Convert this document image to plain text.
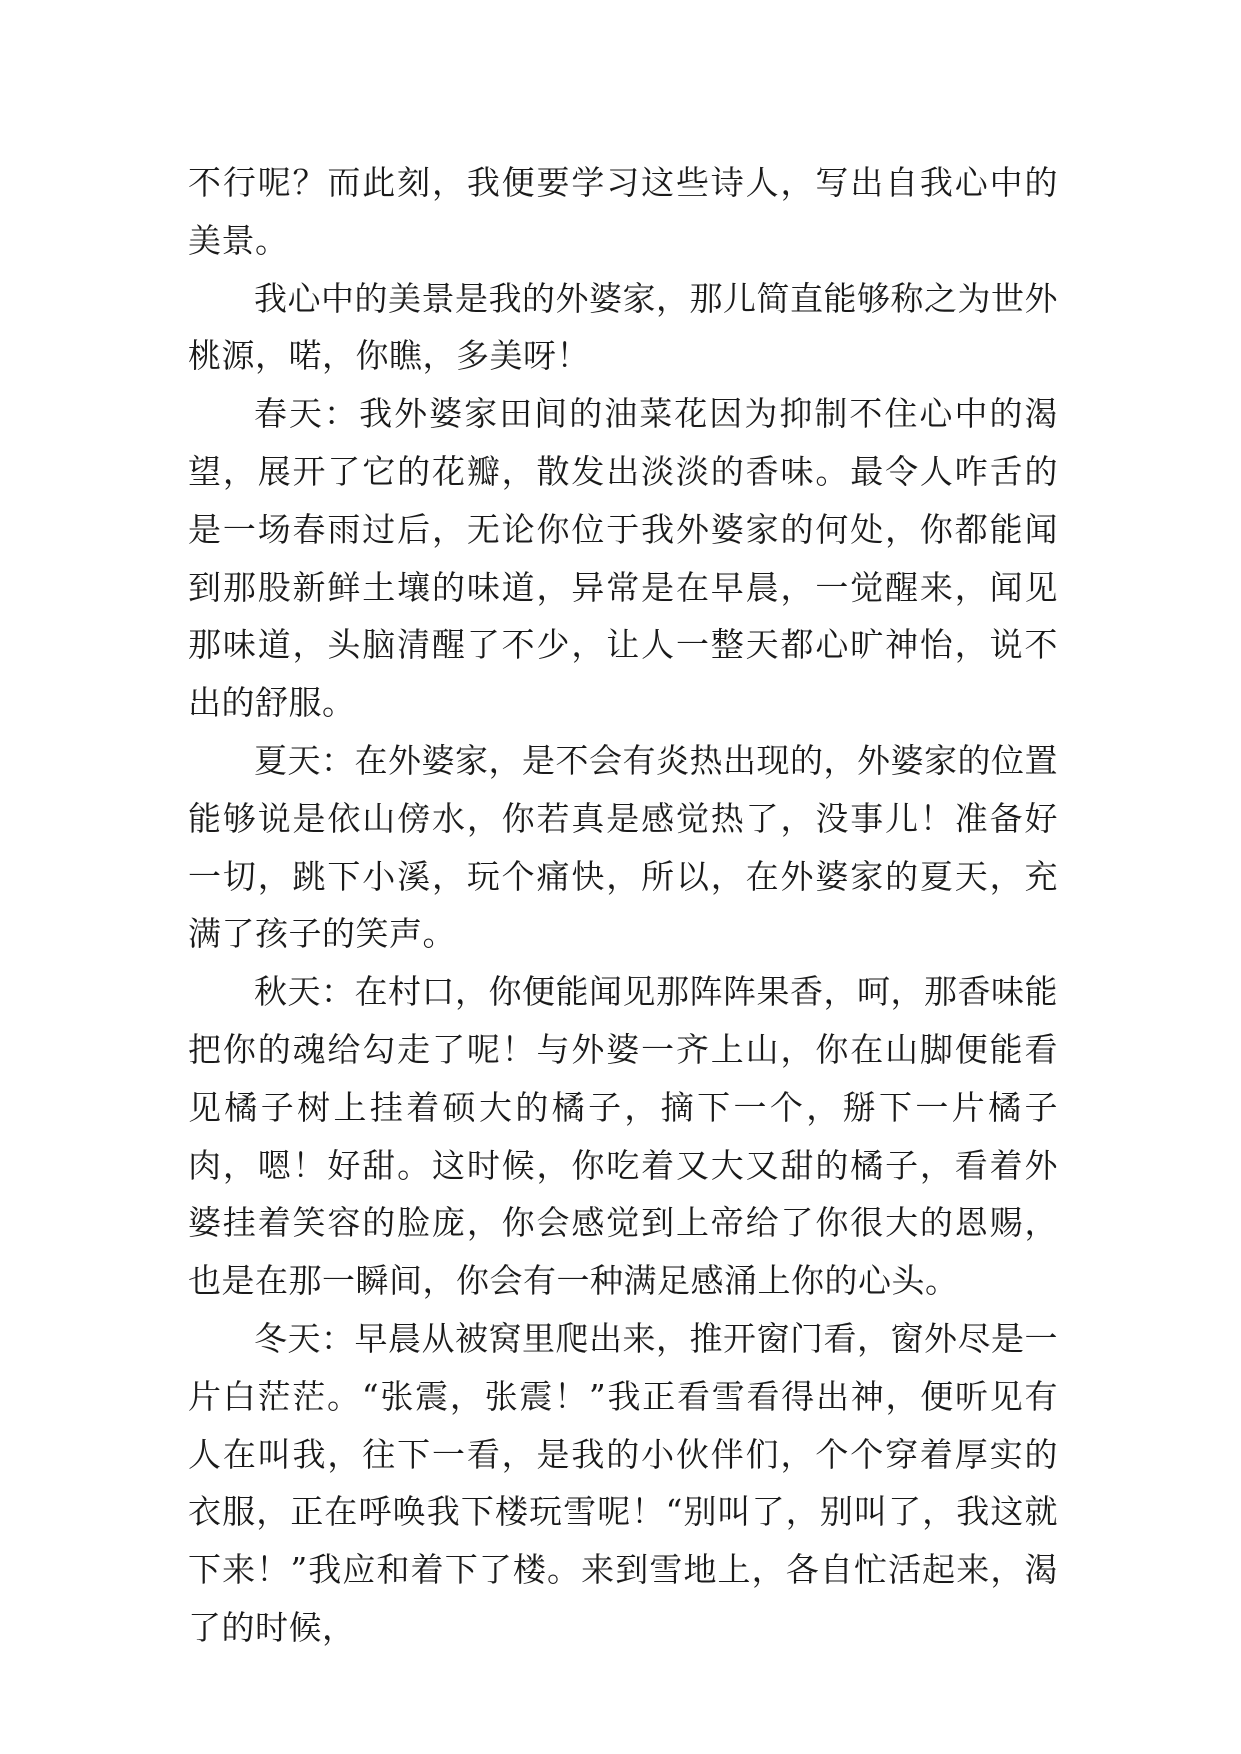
不行呢？而此刻，我便要学习这些诗人，写出自我心中的美景。

我心中的美景是我的外婆家，那儿简直能够称之为世外桃源，喏，你瞧，多美呀！

春天：我外婆家田间的油菜花因为抑制不住心中的渴望，展开了它的花瓣，散发出淡淡的香味。最令人咋舌的是一场春雨过后，无论你位于我外婆家的何处，你都能闻到那股新鲜土壤的味道，异常是在早晨，一觉醒来，闻见那味道，头脑清醒了不少，让人一整天都心旷神怡，说不出的舒服。

夏天：在外婆家，是不会有炎热出现的，外婆家的位置能够说是依山傍水，你若真是感觉热了，没事儿！准备好一切，跳下小溪，玩个痛快，所以，在外婆家的夏天，充满了孩子的笑声。

秋天：在村口，你便能闻见那阵阵果香，呵，那香味能把你的魂给勾走了呢！与外婆一齐上山，你在山脚便能看见橘子树上挂着硕大的橘子，摘下一个，掰下一片橘子肉，嗯！好甜。这时候，你吃着又大又甜的橘子，看着外婆挂着笑容的脸庞，你会感觉到上帝给了你很大的恩赐，也是在那一瞬间，你会有一种满足感涌上你的心头。

冬天：早晨从被窝里爬出来，推开窗门看，窗外尽是一片白茫茫。“张震，张震！”我正看雪看得出神，便听见有人在叫我，往下一看，是我的小伙伴们，个个穿着厚实的衣服，正在呼唤我下楼玩雪呢！“别叫了，别叫了，我这就下来！”我应和着下了楼。来到雪地上，各自忙活起来，渴了的时候，
